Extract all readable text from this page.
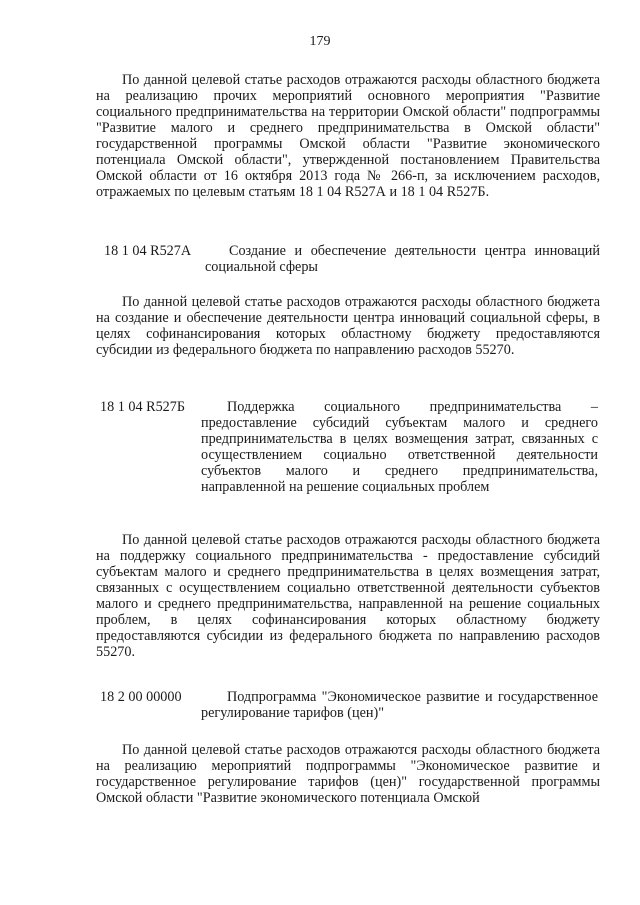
179

По данной целевой статье расходов отражаются расходы областного бюджета на реализацию прочих мероприятий основного мероприятия "Развитие социального предпринимательства на территории Омской области" подпрограммы "Развитие малого и среднего предпринимательства в Омской области" государственной программы Омской области "Развитие экономического потенциала Омской области", утвержденной постановлением Правительства Омской области от 16 октября 2013 года № 266-п, за исключением расходов, отражаемых по целевым статьям 18 1 04 R527А и 18 1 04 R527Б.

18 1 04 R527А	Создание и обеспечение деятельности центра инноваций социальной сферы

По данной целевой статье расходов отражаются расходы областного бюджета на создание и обеспечение деятельности центра инноваций социальной сферы, в целях софинансирования которых областному бюджету предоставляются субсидии из федерального бюджета по направлению расходов 55270.

18 1 04 R527Б	Поддержка социального предпринимательства – предоставление субсидий субъектам малого и среднего предпринимательства в целях возмещения затрат, связанных с осуществлением социально ответственной деятельности субъектов малого и среднего предпринимательства, направленной на решение социальных проблем

По данной целевой статье расходов отражаются расходы областного бюджета на поддержку социального предпринимательства - предоставление субсидий субъектам малого и среднего предпринимательства в целях возмещения затрат, связанных с осуществлением социально ответственной деятельности субъектов малого и среднего предпринимательства, направленной на решение социальных проблем, в целях софинансирования которых областному бюджету предоставляются субсидии из федерального бюджета по направлению расходов 55270.

18 2 00 00000	Подпрограмма "Экономическое развитие и государственное регулирование тарифов (цен)"

По данной целевой статье расходов отражаются расходы областного бюджета на реализацию мероприятий подпрограммы "Экономическое развитие и государственное регулирование тарифов (цен)" государственной программы Омской области "Развитие экономического потенциала Омской
